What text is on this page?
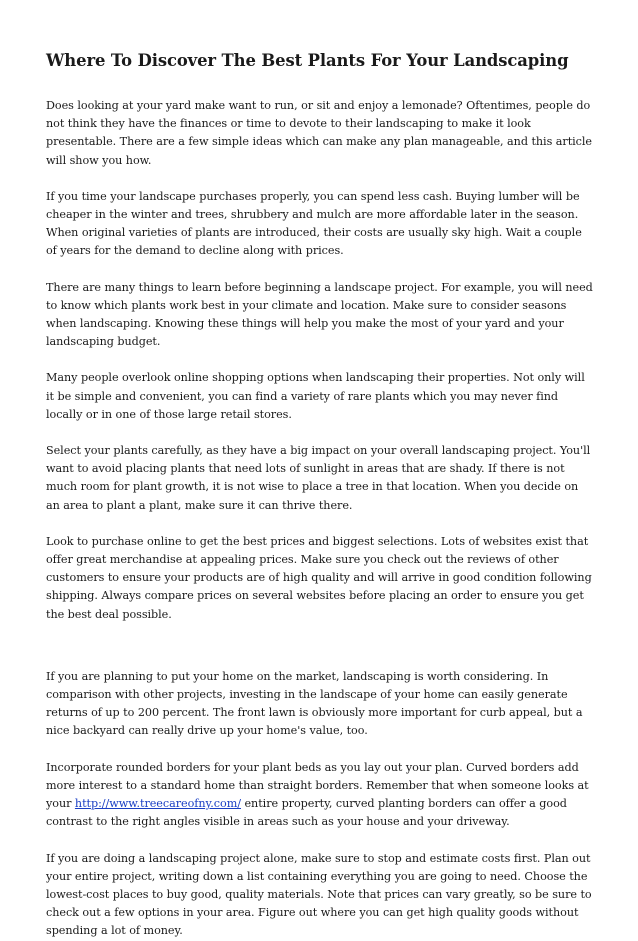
Where To Discover The Best Plants For Your Landscaping

Does looking at your yard make want to run, or sit and enjoy a lemonade? Oftentimes, people do not think they have the finances or time to devote to their landscaping to make it look presentable. There are a few simple ideas which can make any plan manageable, and this article will show you how.

If you time your landscape purchases properly, you can spend less cash. Buying lumber will be cheaper in the winter and trees, shrubbery and mulch are more affordable later in the season. When original varieties of plants are introduced, their costs are usually sky high. Wait a couple of years for the demand to decline along with prices.

There are many things to learn before beginning a landscape project. For example, you will need to know which plants work best in your climate and location. Make sure to consider seasons when landscaping. Knowing these things will help you make the most of your yard and your landscaping budget.

Many people overlook online shopping options when landscaping their properties. Not only will it be simple and convenient, you can find a variety of rare plants which you may never find locally or in one of those large retail stores.

Select your plants carefully, as they have a big impact on your overall landscaping project. You'll want to avoid placing plants that need lots of sunlight in areas that are shady. If there is not much room for plant growth, it is not wise to place a tree in that location. When you decide on an area to plant a plant, make sure it can thrive there.

Look to purchase online to get the best prices and biggest selections. Lots of websites exist that offer great merchandise at appealing prices. Make sure you check out the reviews of other customers to ensure your products are of high quality and will arrive in good condition following shipping. Always compare prices on several websites before placing an order to ensure you get the best deal possible.

If you are planning to put your home on the market, landscaping is worth considering. In comparison with other projects, investing in the landscape of your home can easily generate returns of up to 200 percent. The front lawn is obviously more important for curb appeal, but a nice backyard can really drive up your home's value, too.

Incorporate rounded borders for your plant beds as you lay out your plan. Curved borders add more interest to a standard home than straight borders. Remember that when someone looks at your http://www.treecareofny.com/ entire property, curved planting borders can offer a good contrast to the right angles visible in areas such as your house and your driveway.

If you are doing a landscaping project alone, make sure to stop and estimate costs first. Plan out your entire project, writing down a list containing everything you are going to need. Choose the lowest-cost places to buy good, quality materials. Note that prices can vary greatly, so be sure to check out a few options in your area. Figure out where you can get high quality goods without spending a lot of money.
